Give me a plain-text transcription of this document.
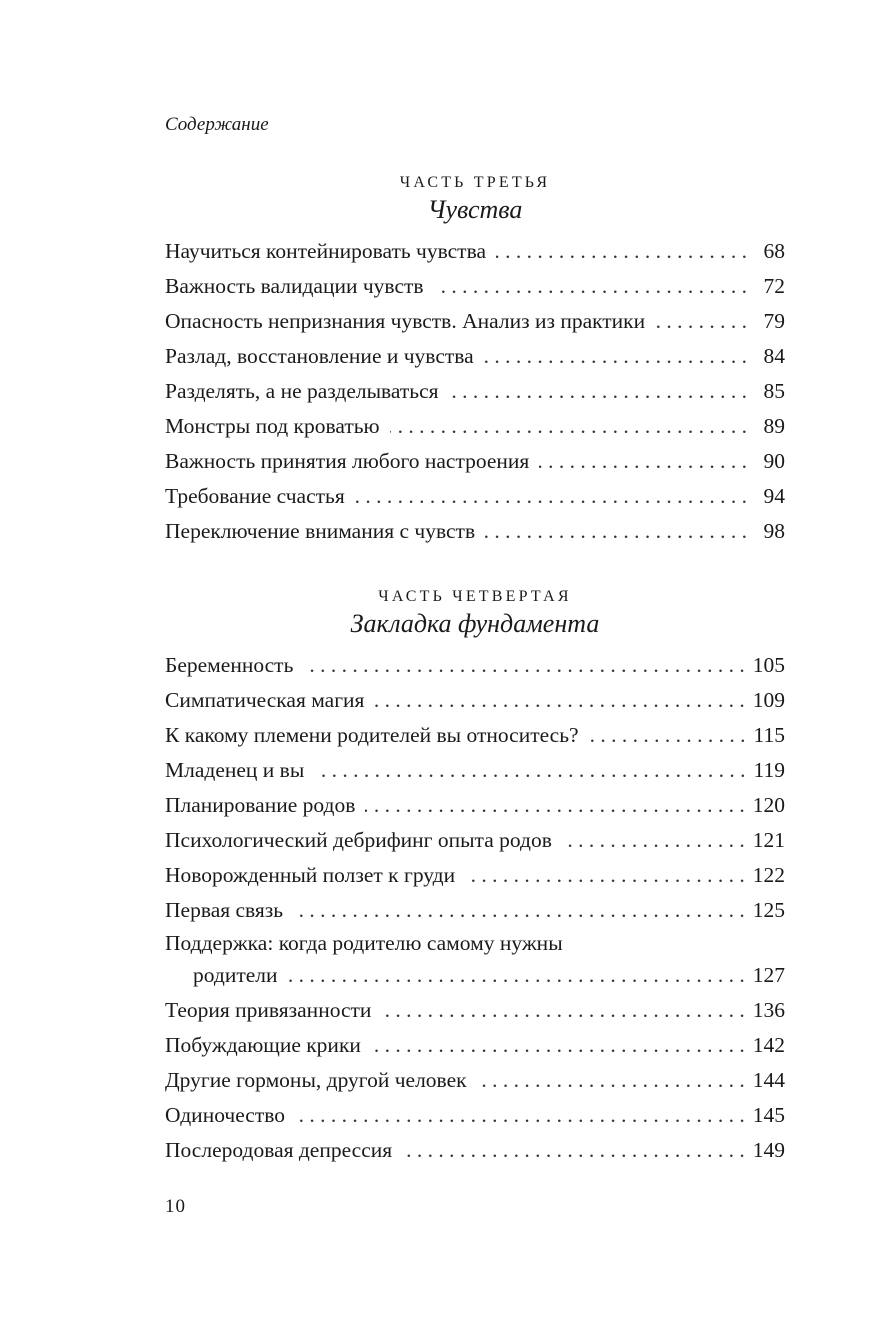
Содержание

ЧАСТЬ ТРЕТЬЯ

Чувства

Научиться контейнировать чувства . . .	68
Важность валидации чувств . . .	72
Опасность непризнания чувств. Анализ из практики . . .	79
Разлад, восстановление и чувства . . .	84
Разделять, а не разделываться . . .	85
Монстры под кроватью . . .	89
Важность принятия любого настроения . . .	90
Требование счастья . . .	94
Переключение внимания с чувств . . .	98

ЧАСТЬ ЧЕТВЕРТАЯ

Закладка фундамента

Беременность . . .	105
Симпатическая магия . . .	109
К какому племени родителей вы относитесь? . . .	115
Младенец и вы . . .	119
Планирование родов . . .	120
Психологический дебрифинг опыта родов . . .	121
Новорожденный ползет к груди . . .	122
Первая связь . . .	125
Поддержка: когда родителю самому нужны
родители . . .	127
Теория привязанности . . .	136
Побуждающие крики . . .	142
Другие гормоны, другой человек . . .	144
Одиночество . . .	145
Послеродовая депрессия . . .	149
10
